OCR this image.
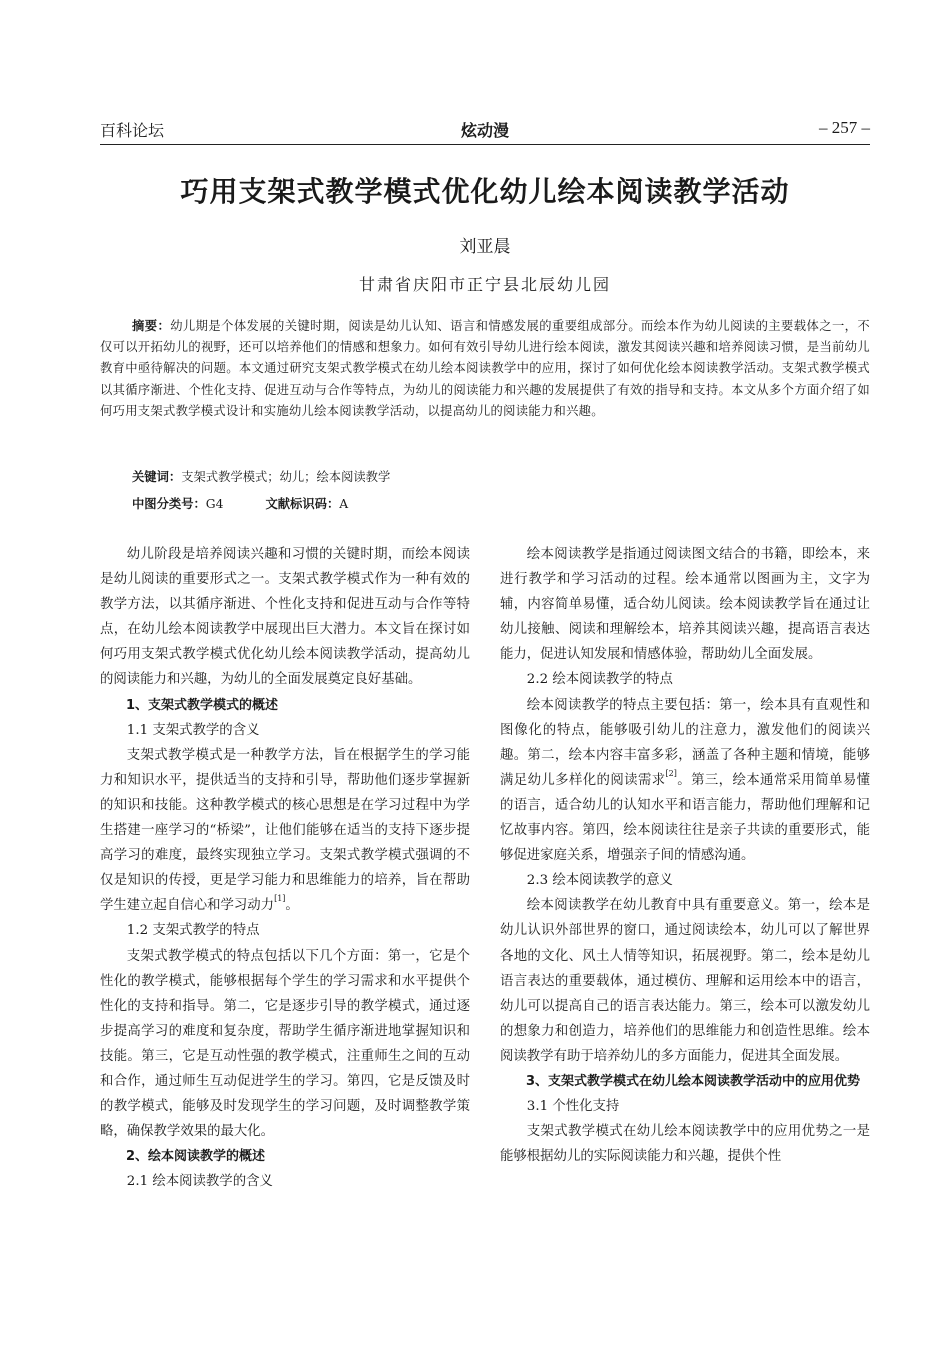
百科论坛	炫动漫	– 257 –
巧用支架式教学模式优化幼儿绘本阅读教学活动
刘亚晨
甘肃省庆阳市正宁县北辰幼儿园
摘要：幼儿期是个体发展的关键时期，阅读是幼儿认知、语言和情感发展的重要组成部分。而绘本作为幼儿阅读的主要载体之一，不仅可以开拓幼儿的视野，还可以培养他们的情感和想象力。如何有效引导幼儿进行绘本阅读，激发其阅读兴趣和培养阅读习惯，是当前幼儿教育中亟待解决的问题。本文通过研究支架式教学模式在幼儿绘本阅读教学中的应用，探讨了如何优化绘本阅读教学活动。支架式教学模式以其循序渐进、个性化支持、促进互动与合作等特点，为幼儿的阅读能力和兴趣的发展提供了有效的指导和支持。本文从多个方面介绍了如何巧用支架式教学模式设计和实施幼儿绘本阅读教学活动，以提高幼儿的阅读能力和兴趣。
关键词：支架式教学模式；幼儿；绘本阅读教学
中图分类号：G4	文献标识码：A

幼儿阶段是培养阅读兴趣和习惯的关键时期，而绘本阅读是幼儿阅读的重要形式之一。支架式教学模式作为一种有效的教学方法，以其循序渐进、个性化支持和促进互动与合作等特点，在幼儿绘本阅读教学中展现出巨大潜力。本文旨在探讨如何巧用支架式教学模式优化幼儿绘本阅读教学活动，提高幼儿的阅读能力和兴趣，为幼儿的全面发展奠定良好基础。

1、支架式教学模式的概述

1.1 支架式教学的含义

支架式教学模式是一种教学方法，旨在根据学生的学习能力和知识水平，提供适当的支持和引导，帮助他们逐步掌握新的知识和技能。这种教学模式的核心思想是在学习过程中为学生搭建一座学习的“桥梁”，让他们能够在适当的支持下逐步提高学习的难度，最终实现独立学习。支架式教学模式强调的不仅是知识的传授，更是学习能力和思维能力的培养，旨在帮助学生建立起自信心和学习动力[1]。

1.2 支架式教学的特点

支架式教学模式的特点包括以下几个方面：第一，它是个性化的教学模式，能够根据每个学生的学习需求和水平提供个性化的支持和指导。第二，它是逐步引导的教学模式，通过逐步提高学习的难度和复杂度，帮助学生循序渐进地掌握知识和技能。第三，它是互动性强的教学模式，注重师生之间的互动和合作，通过师生互动促进学生的学习。第四，它是反馈及时的教学模式，能够及时发现学生的学习问题，及时调整教学策略，确保教学效果的最大化。

2、绘本阅读教学的概述

2.1 绘本阅读教学的含义

绘本阅读教学是指通过阅读图文结合的书籍，即绘本，来进行教学和学习活动的过程。绘本通常以图画为主，文字为辅，内容简单易懂，适合幼儿阅读。绘本阅读教学旨在通过让幼儿接触、阅读和理解绘本，培养其阅读兴趣，提高语言表达能力，促进认知发展和情感体验，帮助幼儿全面发展。

2.2 绘本阅读教学的特点

绘本阅读教学的特点主要包括：第一，绘本具有直观性和图像化的特点，能够吸引幼儿的注意力，激发他们的阅读兴趣。第二，绘本内容丰富多彩，涵盖了各种主题和情境，能够满足幼儿多样化的阅读需求[2]。第三，绘本通常采用简单易懂的语言，适合幼儿的认知水平和语言能力，帮助他们理解和记忆故事内容。第四，绘本阅读往往是亲子共读的重要形式，能够促进家庭关系，增强亲子间的情感沟通。

2.3 绘本阅读教学的意义

绘本阅读教学在幼儿教育中具有重要意义。第一，绘本是幼儿认识外部世界的窗口，通过阅读绘本，幼儿可以了解世界各地的文化、风土人情等知识，拓展视野。第二，绘本是幼儿语言表达的重要载体，通过模仿、理解和运用绘本中的语言，幼儿可以提高自己的语言表达能力。第三，绘本可以激发幼儿的想象力和创造力，培养他们的思维能力和创造性思维。绘本阅读教学有助于培养幼儿的多方面能力，促进其全面发展。

3、支架式教学模式在幼儿绘本阅读教学活动中的应用优势

3.1 个性化支持

支架式教学模式在幼儿绘本阅读教学中的应用优势之一是能够根据幼儿的实际阅读能力和兴趣，提供个性
